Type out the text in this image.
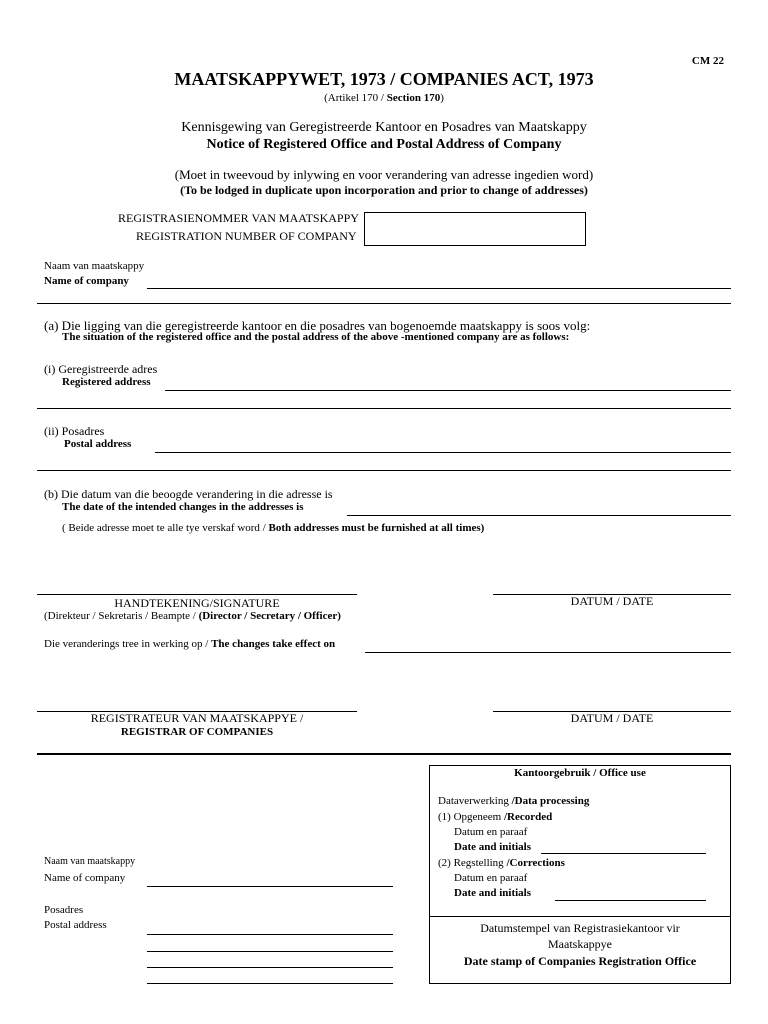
CM 22
MAATSKAPPYWET, 1973 / COMPANIES ACT, 1973
(Artikel 170 / Section 170)
Kennisgewing van Geregistreerde Kantoor en Posadres van Maatskappy
Notice of Registered Office and Postal Address of Company
(Moet in tweevoud by inlywing en voor verandering van adresse ingedien word)
(To be lodged in duplicate upon incorporation and prior to change of addresses)
REGISTRASIENOMMER VAN MAATSKAPPY
REGISTRATION NUMBER OF COMPANY
Naam van maatskappy
Name of company
(a) Die ligging van die geregistreerde kantoor en die posadres van bogenoemde maatskappy is soos volg:
The situation of the registered office and the postal address of the above -mentioned company are as follows:
(i) Geregistreerde adres
Registered address
(ii) Posadres
Postal address
(b) Die datum van die beoogde verandering in die adresse is
The date of the intended changes in the addresses is
( Beide adresse moet te alle tye verskaf word / Both addresses must be furnished at all times)
HANDTEKENING/SIGNATURE	DATUM / DATE
(Direkteur / Sekretaris / Beampte / (Director / Secretary / Officer)
Die veranderings tree in werking op / The changes take effect on
REGISTRATEUR VAN MAATSKAPPYE /
REGISTRAR OF COMPANIES
DATUM / DATE
Kantoorgebruik / Office use
Dataverwerking /Data processing
(1) Opgeneem /Recorded
Datum en paraaf
Date and initials
(2) Regstelling /Corrections
Datum en paraaf
Date and initials
Datumstempel van Registrasiekantoor vir Maatskappye
Date stamp of Companies Registration Office
Naam van maatskappy
Name of company
Posadres
Postal address
